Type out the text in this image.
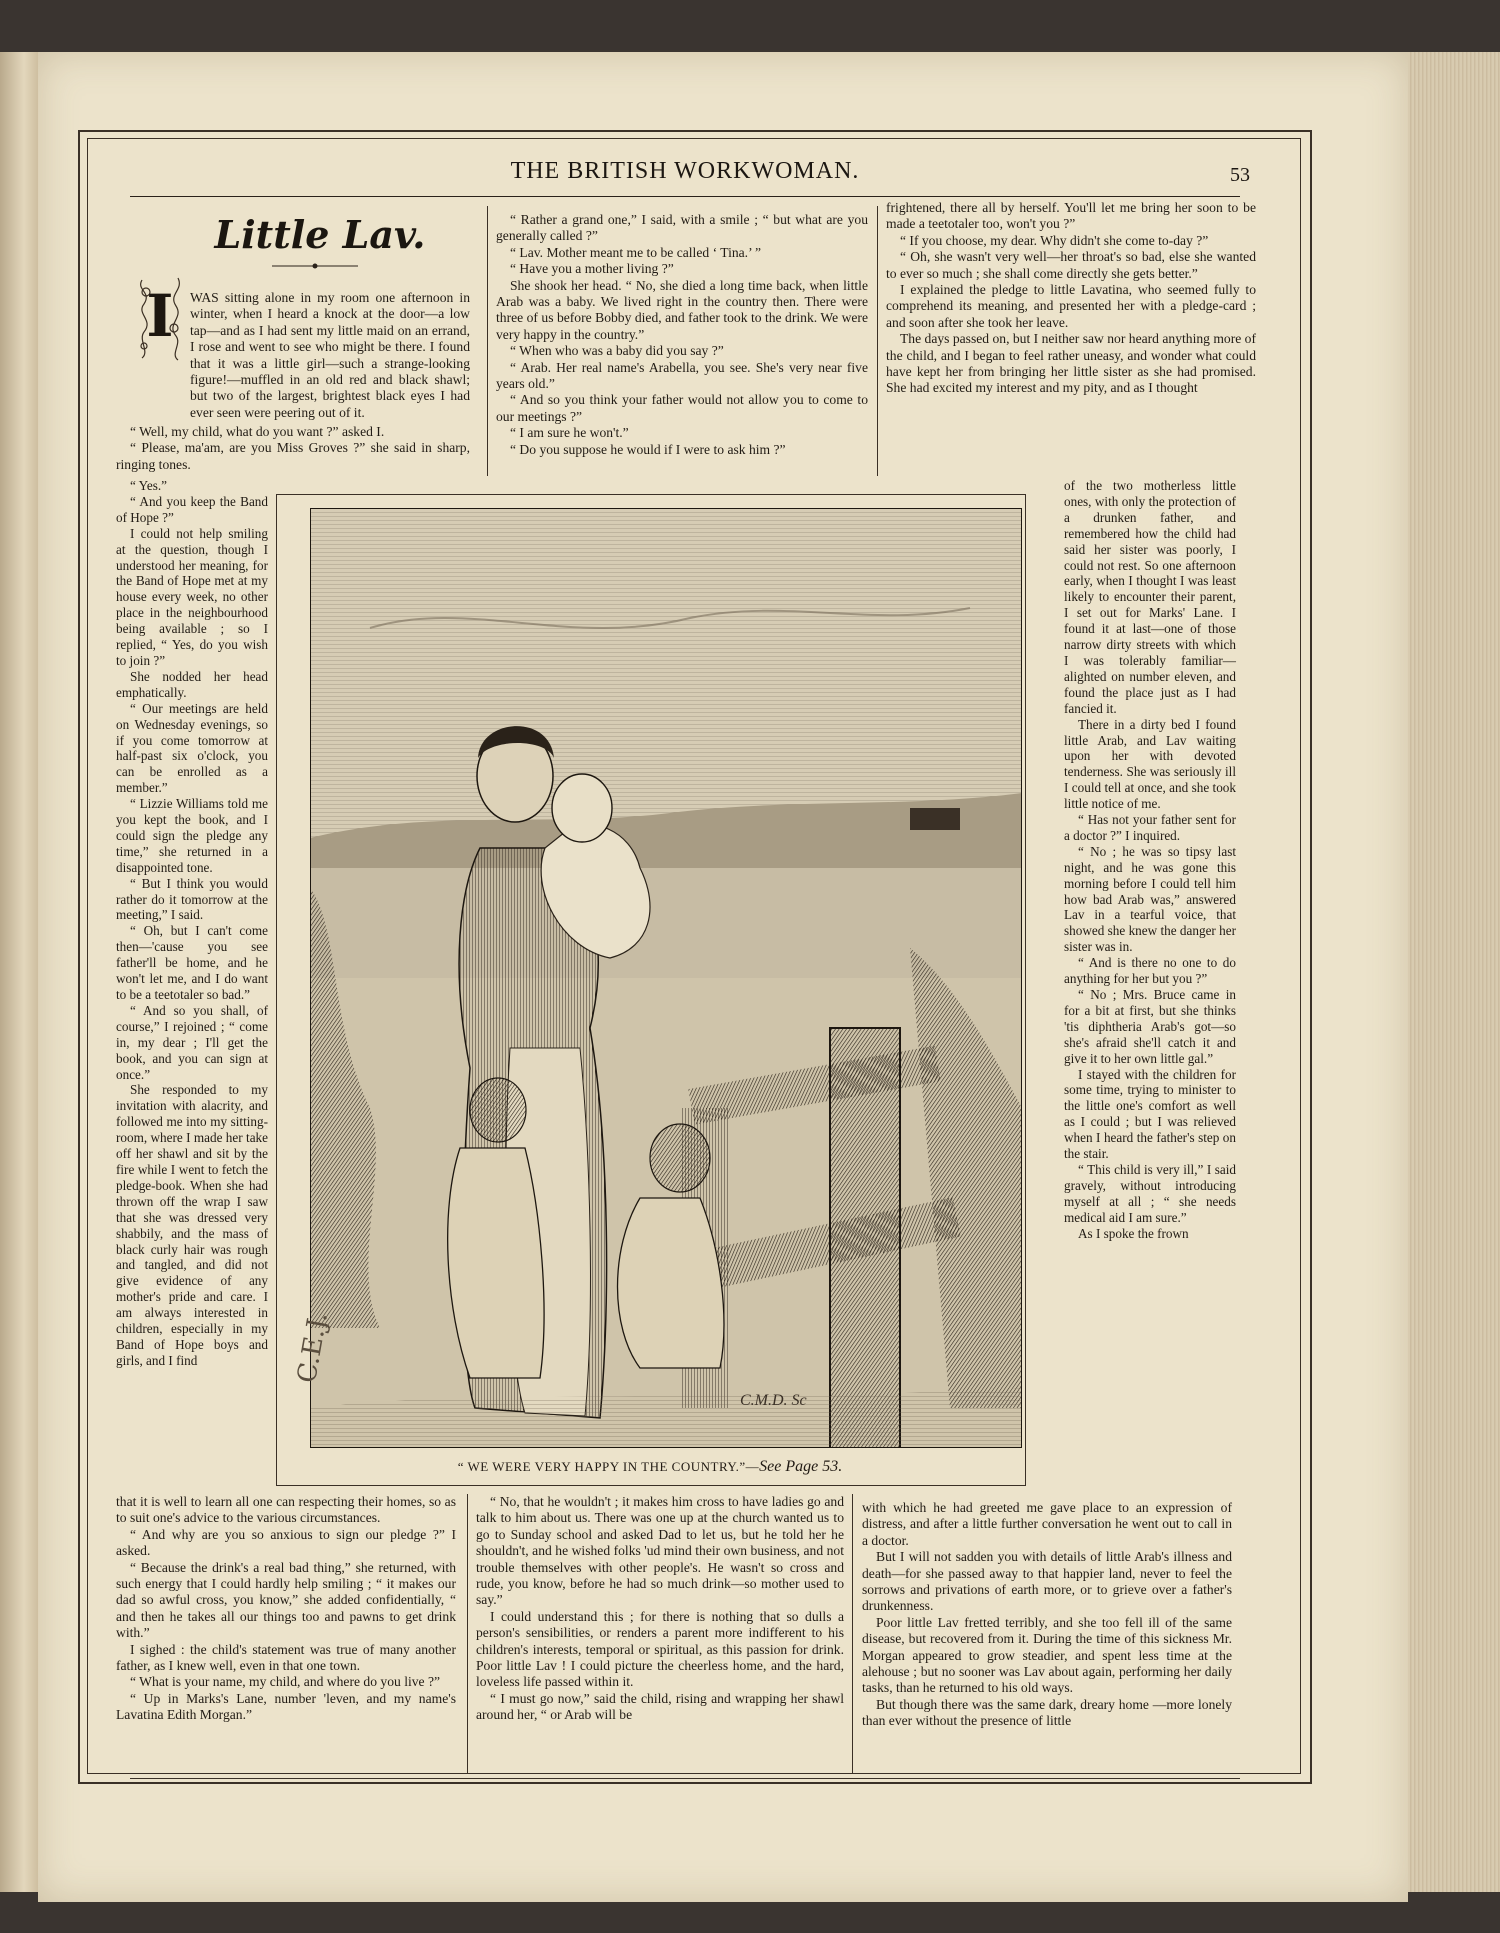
THE BRITISH WORKWOMAN.	53
Little Lav.
I WAS sitting alone in my room one afternoon in winter, when I heard a knock at the door—a low tap—and as I had sent my little maid on an errand, I rose and went to see who might be there. I found that it was a little girl—such a strange-looking figure!—muffled in an old red and black shawl; but two of the largest, brightest black eyes I had ever seen were peering out of it.

“ Well, my child, what do you want ?” asked I.

“ Please, ma'am, are you Miss Groves ?” she said in sharp, ringing tones.

“ Yes.”

“ And you keep the Band of Hope ?”

I could not help smiling at the question, though I understood her meaning, for the Band of Hope met at my house every week, no other place in the neighbourhood being available ; so I replied, “ Yes, do you wish to join ?”

She nodded her head emphatically.

“ Our meetings are held on Wednesday evenings, so if you come tomorrow at half-past six o'clock, you can be enrolled as a member.”

“ Lizzie Williams told me you kept the book, and I could sign the pledge any time,” she returned in a disappointed tone.

“ But I think you would rather do it tomorrow at the meeting,” I said.

“ Oh, but I can't come then—'cause you see father'll be home, and he won't let me, and I do want to be a teetotaler so bad.”

“ And so you shall, of course,” I rejoined ; “ come in, my dear ; I'll get the book, and you can sign at once.”

She responded to my invitation with alacrity, and followed me into my sitting-room, where I made her take off her shawl and sit by the fire while I went to fetch the pledge-book. When she had thrown off the wrap I saw that she was dressed very shabbily, and the mass of black curly hair was rough and tangled, and did not give evidence of any mother's pride and care. I am always interested in children, especially in my Band of Hope boys and girls, and I find

that it is well to learn all one can respecting their homes, so as to suit one's advice to the various circumstances.

“ And why are you so anxious to sign our pledge ?” I asked.

“ Because the drink's a real bad thing,” she returned, with such energy that I could hardly help smiling ; “ it makes our dad so awful cross, you know,” she added confidentially, “ and then he takes all our things too and pawns to get drink with.”

I sighed : the child's statement was true of many another father, as I knew well, even in that one town.

“ What is your name, my child, and where do you live ?”

“ Up in Marks's Lane, number 'leven, and my name's Lavatina Edith Morgan.”

“ Rather a grand one,” I said, with a smile ; “ but what are you generally called ?”

“ Lav. Mother meant me to be called ‘ Tina.’ ”

“ Have you a mother living ?”

She shook her head. “ No, she died a long time back, when little Arab was a baby. We lived right in the country then. There were three of us before Bobby died, and father took to the drink. We were very happy in the country.”

“ When who was a baby did you say ?”

“ Arab. Her real name's Arabella, you see. She's very near five years old.”

“ And so you think your father would not allow you to come to our meetings ?”

“ I am sure he won't.”

“ Do you suppose he would if I were to ask him ?”

“ No, that he wouldn't ; it makes him cross to have ladies go and talk to him about us. There was one up at the church wanted us to go to Sunday school and asked Dad to let us, but he told her he shouldn't, and he wished folks 'ud mind their own business, and not trouble themselves with other people's. He wasn't so cross and rude, you know, before he had so much drink—so mother used to say.”

I could understand this ; for there is nothing that so dulls a person's sensibilities, or renders a parent more indifferent to his children's interests, temporal or spiritual, as this passion for drink. Poor little Lav ! I could picture the cheerless home, and the hard, loveless life passed within it.

“ I must go now,” said the child, rising and wrapping her shawl around her, “ or Arab will be

frightened, there all by herself. You'll let me bring her soon to be made a teetotaler too, won't you ?”

“ If you choose, my dear. Why didn't she come to-day ?”

“ Oh, she wasn't very well—her throat's so bad, else she wanted to ever so much ; she shall come directly she gets better.”

I explained the pledge to little Lavatina, who seemed fully to comprehend its meaning, and presented her with a pledge-card ; and soon after she took her leave.

The days passed on, but I neither saw nor heard anything more of the child, and I began to feel rather uneasy, and wonder what could have kept her from bringing her little sister as she had promised. She had excited my interest and my pity, and as I thought

of the two motherless little ones, with only the protection of a drunken father, and remembered how the child had said her sister was poorly, I could not rest. So one afternoon early, when I thought I was least likely to encounter their parent, I set out for Marks' Lane. I found it at last—one of those narrow dirty streets with which I was tolerably familiar—alighted on number eleven, and found the place just as I had fancied it.

There in a dirty bed I found little Arab, and Lav waiting upon her with devoted tenderness. She was seriously ill I could tell at once, and she took little notice of me.

“ Has not your father sent for a doctor ?” I inquired.

“ No ; he was so tipsy last night, and he was gone this morning before I could tell him how bad Arab was,” answered Lav in a tearful voice, that showed she knew the danger her sister was in.

“ And is there no one to do anything for her but you ?”

“ No ; Mrs. Bruce came in for a bit at first, but she thinks 'tis diphtheria Arab's got—so she's afraid she'll catch it and give it to her own little gal.”

I stayed with the children for some time, trying to minister to the little one's comfort as well as I could ; but I was relieved when I heard the father's step on the stair.

“ This child is very ill,” I said gravely, without introducing myself at all ; “ she needs medical aid I am sure.”

As I spoke the frown

with which he had greeted me gave place to an expression of distress, and after a little further conversation he went out to call in a doctor.

But I will not sadden you with details of little Arab's illness and death—for she passed away to that happier land, never to feel the sorrows and privations of earth more, or to grieve over a father's drunkenness.

Poor little Lav fretted terribly, and she too fell ill of the same disease, but recovered from it. During the time of this sickness Mr. Morgan appeared to grow steadier, and spent less time at the alehouse ; but no sooner was Lav about again, performing her daily tasks, than he returned to his old ways.

But though there was the same dark, dreary home —more lonely than ever without the presence of little

C.E.J.
C.M.D. Sc
“ WE WERE VERY HAPPY IN THE COUNTRY.”—See Page 53.
